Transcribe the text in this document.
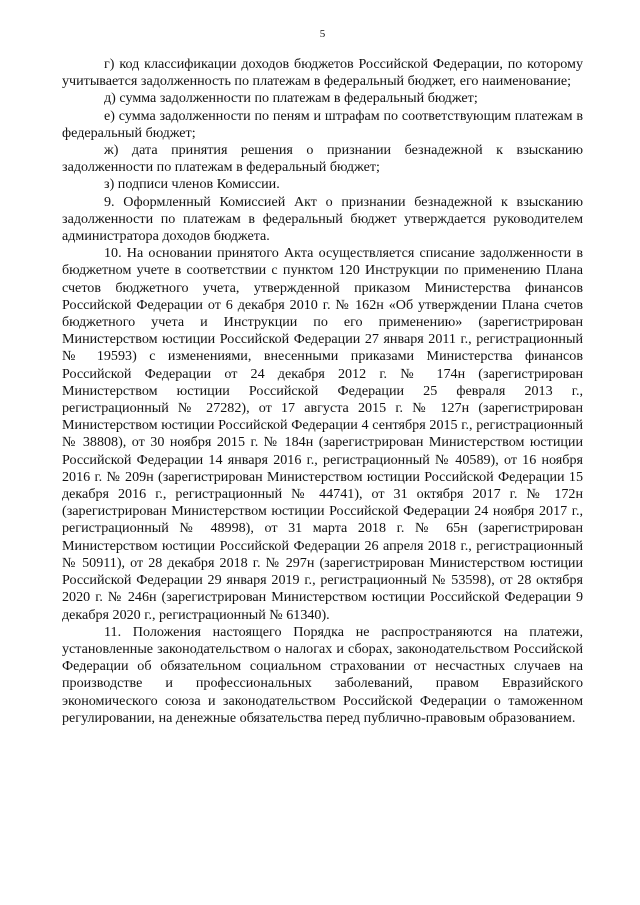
5

г) код классификации доходов бюджетов Российской Федерации, по которому учитывается задолженность по платежам в федеральный бюджет, его наименование;

д) сумма задолженности по платежам в федеральный бюджет;

е) сумма задолженности по пеням и штрафам по соответствующим платежам в федеральный бюджет;

ж) дата принятия решения о признании безнадежной к взысканию задолженности по платежам в федеральный бюджет;

з) подписи членов Комиссии.

9. Оформленный Комиссией Акт о признании безнадежной к взысканию задолженности по платежам в федеральный бюджет утверждается руководителем администратора доходов бюджета.

10. На основании принятого Акта осуществляется списание задолженности в бюджетном учете в соответствии с пунктом 120 Инструкции по применению Плана счетов бюджетного учета, утвержденной приказом Министерства финансов Российской Федерации от 6 декабря 2010 г. № 162н «Об утверждении Плана счетов бюджетного учета и Инструкции по его применению» (зарегистрирован Министерством юстиции Российской Федерации 27 января 2011 г., регистрационный № 19593) с изменениями, внесенными приказами Министерства финансов Российской Федерации от 24 декабря 2012 г. № 174н (зарегистрирован Министерством юстиции Российской Федерации 25 февраля 2013 г., регистрационный № 27282), от 17 августа 2015 г. № 127н (зарегистрирован Министерством юстиции Российской Федерации 4 сентября 2015 г., регистрационный № 38808), от 30 ноября 2015 г. № 184н (зарегистрирован Министерством юстиции Российской Федерации 14 января 2016 г., регистрационный № 40589), от 16 ноября 2016 г. № 209н (зарегистрирован Министерством юстиции Российской Федерации 15 декабря 2016 г., регистрационный № 44741), от 31 октября 2017 г. № 172н (зарегистрирован Министерством юстиции Российской Федерации 24 ноября 2017 г., регистрационный № 48998), от 31 марта 2018 г. № 65н (зарегистрирован Министерством юстиции Российской Федерации 26 апреля 2018 г., регистрационный № 50911), от 28 декабря 2018 г. № 297н (зарегистрирован Министерством юстиции Российской Федерации 29 января 2019 г., регистрационный № 53598), от 28 октября 2020 г. № 246н (зарегистрирован Министерством юстиции Российской Федерации 9 декабря 2020 г., регистрационный № 61340).

11. Положения настоящего Порядка не распространяются на платежи, установленные законодательством о налогах и сборах, законодательством Российской Федерации об обязательном социальном страховании от несчастных случаев на производстве и профессиональных заболеваний, правом Евразийского экономического союза и законодательством Российской Федерации о таможенном регулировании, на денежные обязательства перед публично-правовым образованием.
